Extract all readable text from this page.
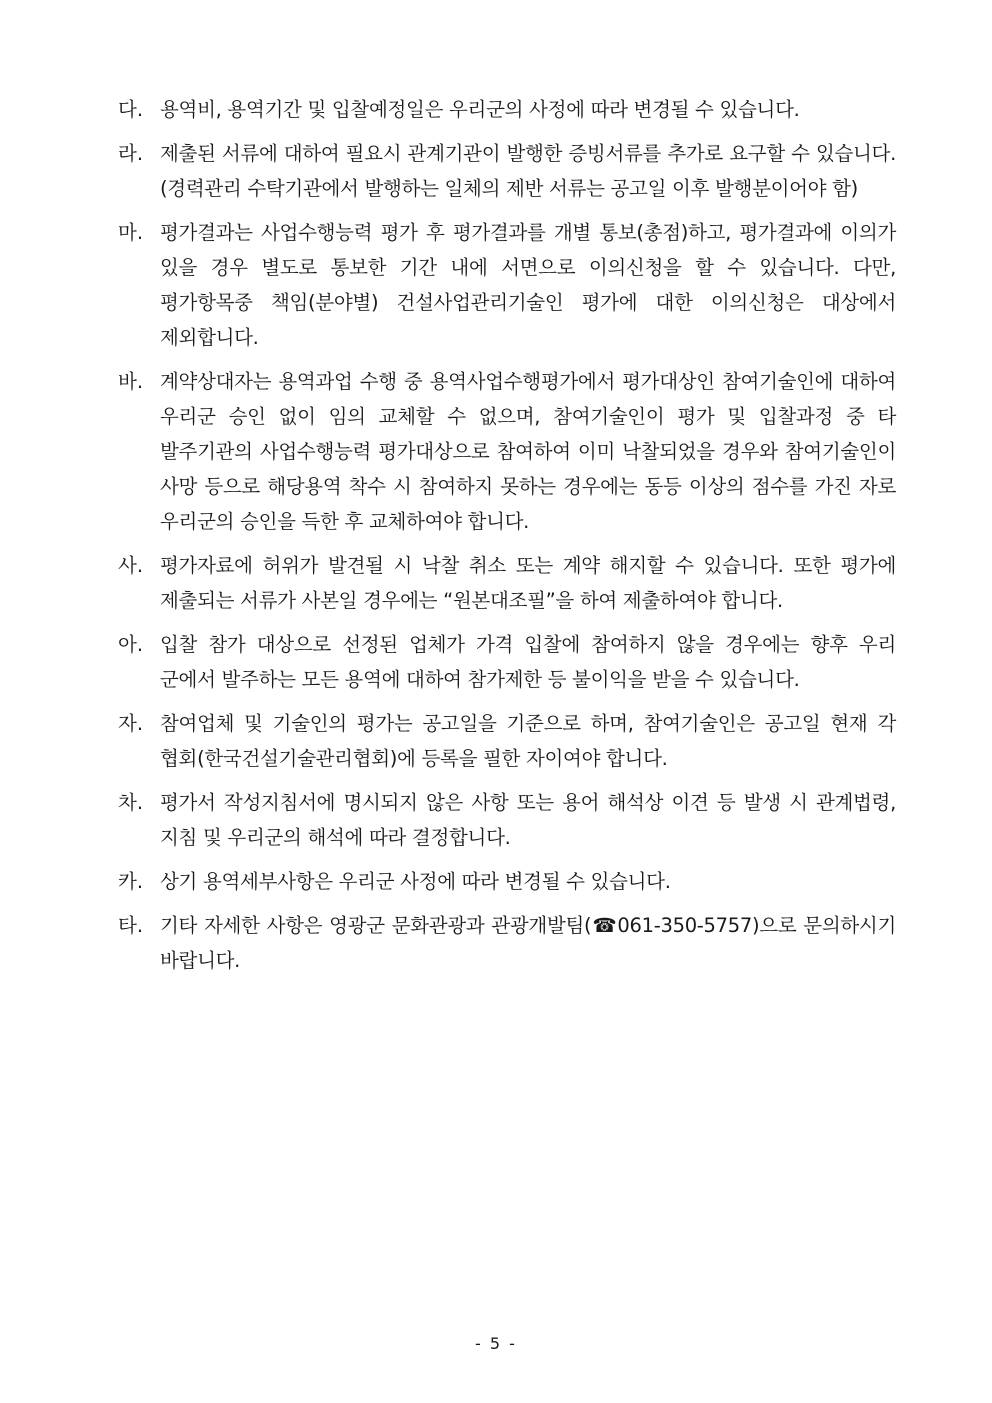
다. 용역비, 용역기간 및 입찰예정일은 우리군의 사정에 따라 변경될 수 있습니다.
라. 제출된 서류에 대하여 필요시 관계기관이 발행한 증빙서류를 추가로 요구할 수 있습니다.(경력관리 수탁기관에서 발행하는 일체의 제반 서류는 공고일 이후 발행분이어야 함)
마. 평가결과는 사업수행능력 평가 후 평가결과를 개별 통보(총점)하고, 평가결과에 이의가 있을 경우 별도로 통보한 기간 내에 서면으로 이의신청을 할 수 있습니다. 다만, 평가항목중 책임(분야별) 건설사업관리기술인 평가에 대한 이의신청은 대상에서 제외합니다.
바. 계약상대자는 용역과업 수행 중 용역사업수행평가에서 평가대상인 참여기술인에 대하여 우리군 승인 없이 임의 교체할 수 없으며, 참여기술인이 평가 및 입찰과정 중 타 발주기관의 사업수행능력 평가대상으로 참여하여 이미 낙찰되었을 경우와 참여기술인이 사망 등으로 해당용역 착수 시 참여하지 못하는 경우에는 동등 이상의 점수를 가진 자로 우리군의 승인을 득한 후 교체하여야 합니다.
사. 평가자료에 허위가 발견될 시 낙찰 취소 또는 계약 해지할 수 있습니다. 또한 평가에 제출되는 서류가 사본일 경우에는 “원본대조필”을 하여 제출하여야 합니다.
아. 입찰 참가 대상으로 선정된 업체가 가격 입찰에 참여하지 않을 경우에는 향후 우리 군에서 발주하는 모든 용역에 대하여 참가제한 등 불이익을 받을 수 있습니다.
자. 참여업체 및 기술인의 평가는 공고일을 기준으로 하며, 참여기술인은 공고일 현재 각 협회(한국건설기술관리협회)에 등록을 필한 자이여야 합니다.
차. 평가서 작성지침서에 명시되지 않은 사항 또는 용어 해석상 이견 등 발생 시 관계법령, 지침 및 우리군의 해석에 따라 결정합니다.
카. 상기 용역세부사항은 우리군 사정에 따라 변경될 수 있습니다.
타. 기타 자세한 사항은 영광군 문화관광과 관광개발팀(☎061-350-5757)으로 문의하시기 바랍니다.
- 5 -
